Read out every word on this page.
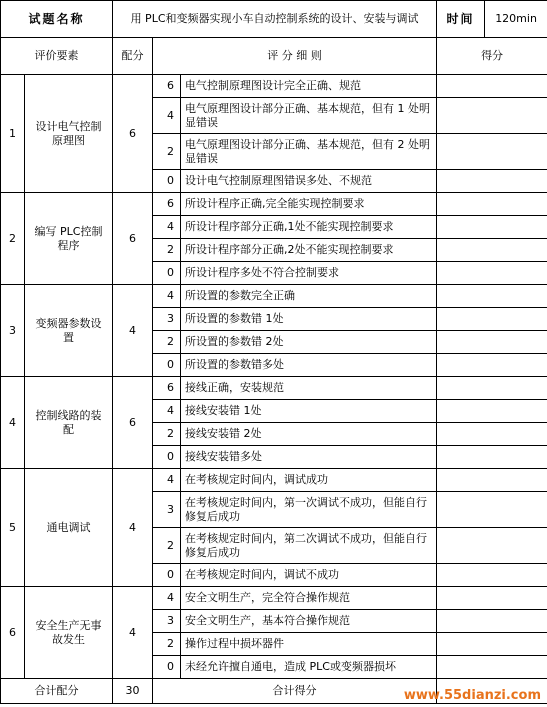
试题名称		用 PLC和变频器实现小车自动控制系统的设计、安装与调试			时间	120min
评价要素		配分	评 分 细 则		得分	
1	设计电气控制原理图	6	6	电气控制原理图设计完全正确、规范		
			4	电气原理图设计部分正确、基本规范，但有 1 处明显错误		
			2	电气原理图设计部分正确、基本规范，但有 2 处明显错误		
			0	设计电气控制原理图错误多处、不规范		
2	编写 PLC控制程序	6	6	所设计程序正确,完全能实现控制要求		
			4	所设计程序部分正确,1处不能实现控制要求		
			2	所设计程序部分正确,2处不能实现控制要求		
			0	所设计程序多处不符合控制要求		
3	变频器参数设置	4	4	所设置的参数完全正确		
			3	所设置的参数错 1处		
			2	所设置的参数错 2处		
			0	所设置的参数错多处		
4	控制线路的装配	6	6	接线正确，安装规范		
			4	接线安装错 1处		
			2	接线安装错 2处		
			0	接线安装错多处		
5	通电调试	4	4	在考核规定时间内，调试成功		
			3	在考核规定时间内，第一次调试不成功，但能自行修复后成功		
			2	在考核规定时间内，第二次调试不成功，但能自行修复后成功		
			0	在考核规定时间内，调试不成功		
6	安全生产无事故发生	4	4	安全文明生产，完全符合操作规范		
			3	安全文明生产，基本符合操作规范		
			2	操作过程中损坏器件		
			0	未经允许擅自通电，造成 PLC或变频器损坏		
合计配分		30	合计得分				www.55dianzi.com
